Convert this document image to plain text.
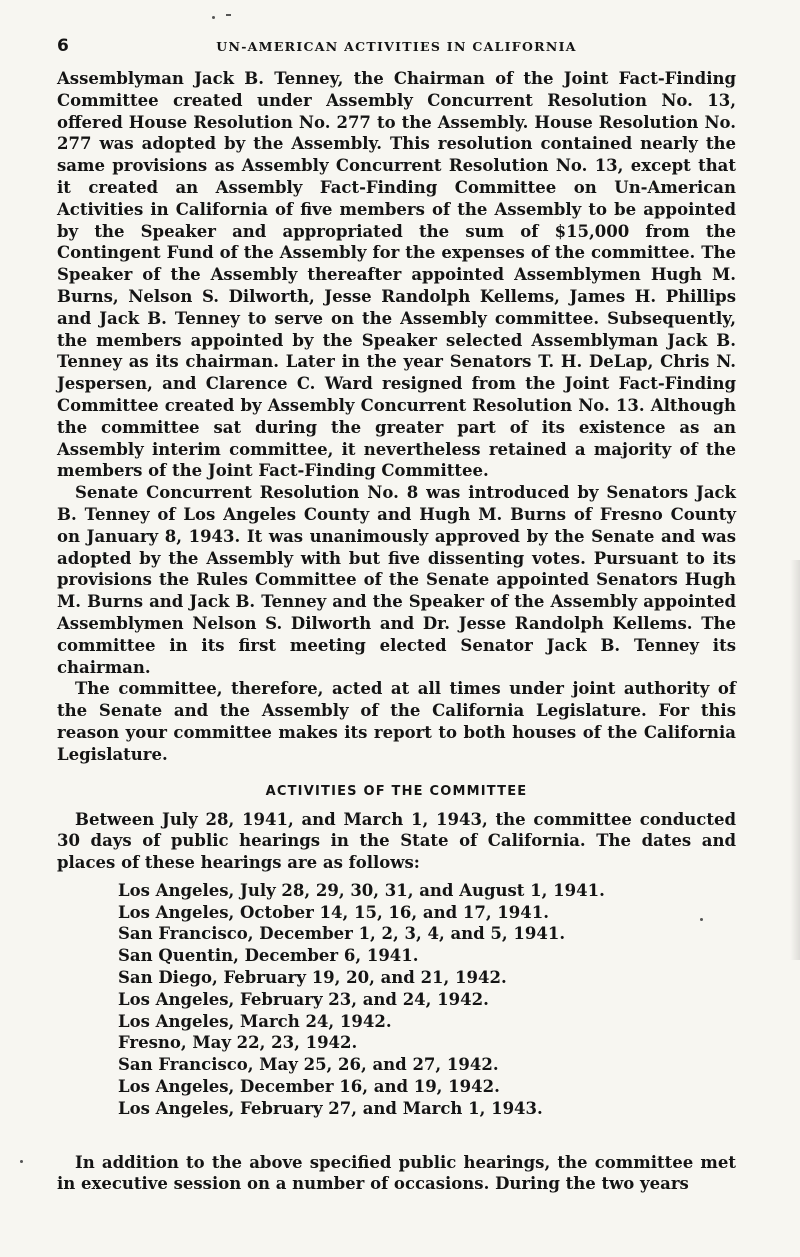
6	UN-AMERICAN ACTIVITIES IN CALIFORNIA

Assemblyman Jack B. Tenney, the Chairman of the Joint Fact-Finding Committee created under Assembly Concurrent Resolution No. 13, offered House Resolution No. 277 to the Assembly. House Resolution No. 277 was adopted by the Assembly. This resolution contained nearly the same provisions as Assembly Concurrent Resolution No. 13, except that it created an Assembly Fact-Finding Committee on Un-American Activities in California of five members of the Assembly to be appointed by the Speaker and appropriated the sum of $15,000 from the Contingent Fund of the Assembly for the expenses of the committee. The Speaker of the Assembly thereafter appointed Assemblymen Hugh M. Burns, Nelson S. Dilworth, Jesse Randolph Kellems, James H. Phillips and Jack B. Tenney to serve on the Assembly committee. Subsequently, the members appointed by the Speaker selected Assemblyman Jack B. Tenney as its chairman. Later in the year Senators T. H. DeLap, Chris N. Jespersen, and Clarence C. Ward resigned from the Joint Fact-Finding Committee created by Assembly Concurrent Resolution No. 13. Although the committee sat during the greater part of its existence as an Assembly interim committee, it nevertheless retained a majority of the members of the Joint Fact-Finding Committee.

Senate Concurrent Resolution No. 8 was introduced by Senators Jack B. Tenney of Los Angeles County and Hugh M. Burns of Fresno County on January 8, 1943. It was unanimously approved by the Senate and was adopted by the Assembly with but five dissenting votes. Pursuant to its provisions the Rules Committee of the Senate appointed Senators Hugh M. Burns and Jack B. Tenney and the Speaker of the Assembly appointed Assemblymen Nelson S. Dilworth and Dr. Jesse Randolph Kellems. The committee in its first meeting elected Senator Jack B. Tenney its chairman.

The committee, therefore, acted at all times under joint authority of the Senate and the Assembly of the California Legislature. For this reason your committee makes its report to both houses of the California Legislature.

ACTIVITIES OF THE COMMITTEE

Between July 28, 1941, and March 1, 1943, the committee conducted 30 days of public hearings in the State of California. The dates and places of these hearings are as follows:

Los Angeles, July 28, 29, 30, 31, and August 1, 1941.
Los Angeles, October 14, 15, 16, and 17, 1941.
San Francisco, December 1, 2, 3, 4, and 5, 1941.
San Quentin, December 6, 1941.
San Diego, February 19, 20, and 21, 1942.
Los Angeles, February 23, and 24, 1942.
Los Angeles, March 24, 1942.
Fresno, May 22, 23, 1942.
San Francisco, May 25, 26, and 27, 1942.
Los Angeles, December 16, and 19, 1942.
Los Angeles, February 27, and March 1, 1943.

In addition to the above specified public hearings, the committee met in executive session on a number of occasions. During the two years
